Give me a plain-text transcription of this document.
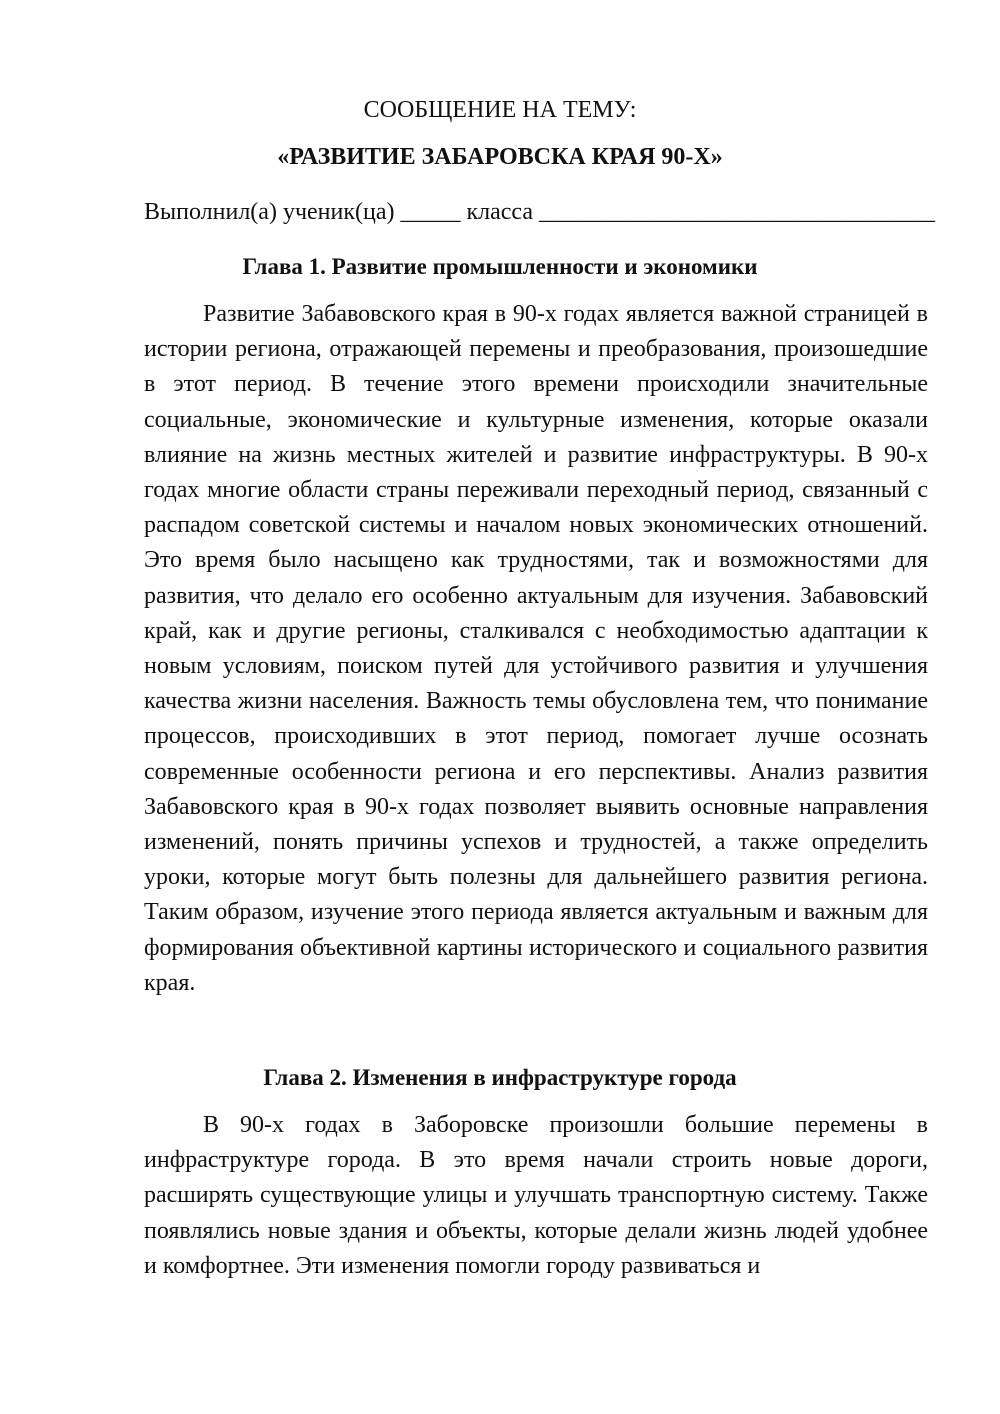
СООБЩЕНИЕ НА ТЕМУ:
«РАЗВИТИЕ ЗАБАРОВСКА КРАЯ 90-Х»
Выполнил(а) ученик(ца) _____ класса _________________________________
Глава 1. Развитие промышленности и экономики

Развитие Забавовского края в 90-х годах является важной страницей в истории региона, отражающей перемены и преобразования, произошедшие в этот период. В течение этого времени происходили значительные социальные, экономические и культурные изменения, которые оказали влияние на жизнь местных жителей и развитие инфраструктуры. В 90-х годах многие области страны переживали переходный период, связанный с распадом советской системы и началом новых экономических отношений. Это время было насыщено как трудностями, так и возможностями для развития, что делало его особенно актуальным для изучения. Забавовский край, как и другие регионы, сталкивался с необходимостью адаптации к новым условиям, поиском путей для устойчивого развития и улучшения качества жизни населения. Важность темы обусловлена тем, что понимание процессов, происходивших в этот период, помогает лучше осознать современные особенности региона и его перспективы. Анализ развития Забавовского края в 90-х годах позволяет выявить основные направления изменений, понять причины успехов и трудностей, а также определить уроки, которые могут быть полезны для дальнейшего развития региона. Таким образом, изучение этого периода является актуальным и важным для формирования объективной картины исторического и социального развития края.

Глава 2. Изменения в инфраструктуре города

В 90-х годах в Заборовске произошли большие перемены в инфраструктуре города. В это время начали строить новые дороги, расширять существующие улицы и улучшать транспортную систему. Также появлялись новые здания и объекты, которые делали жизнь людей удобнее и комфортнее. Эти изменения помогли городу развиваться и
